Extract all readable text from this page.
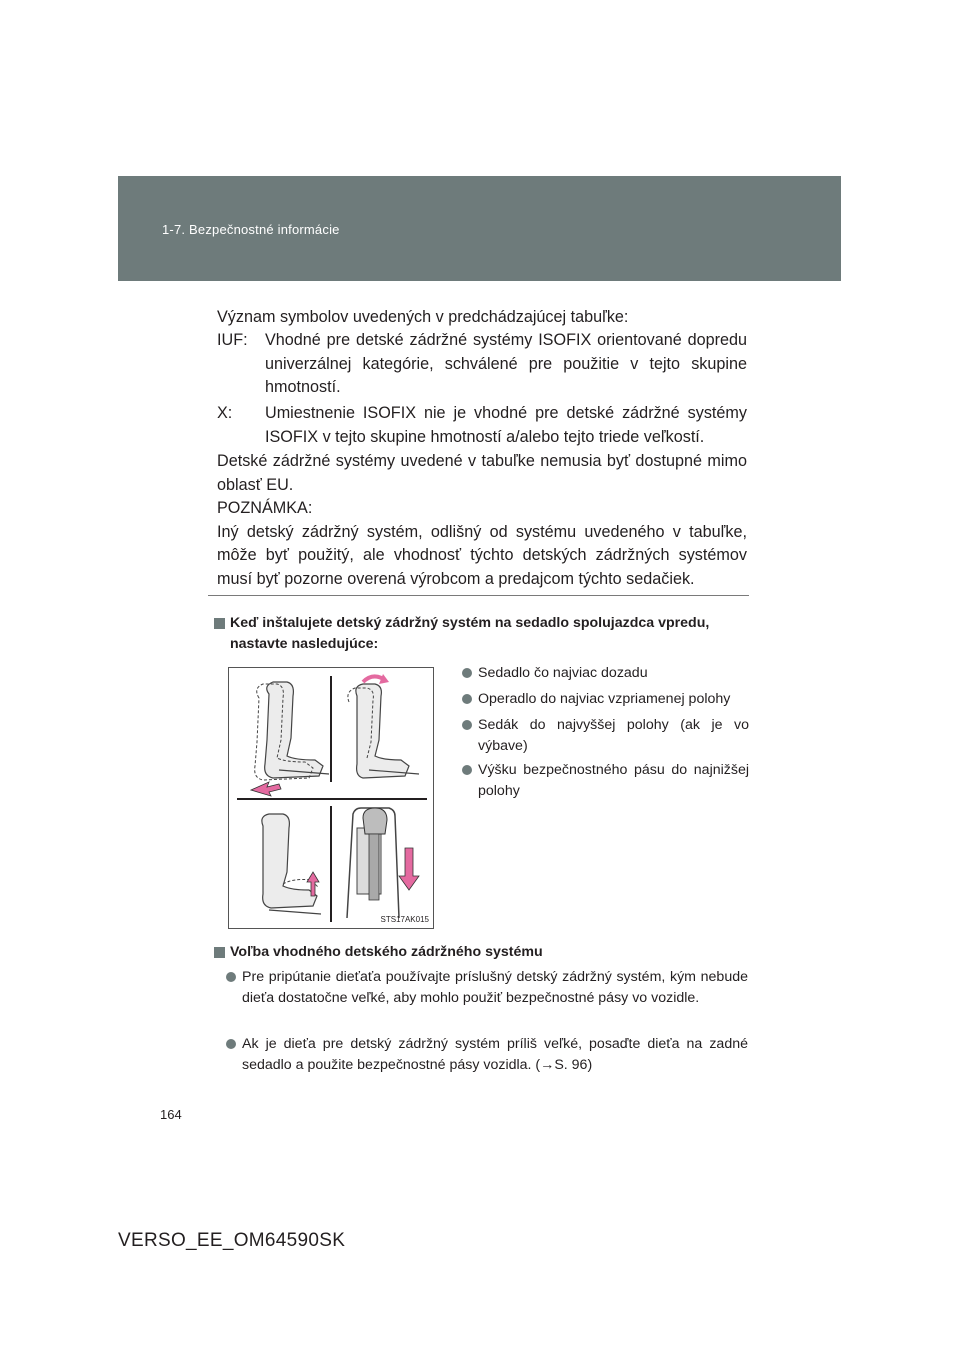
1-7. Bezpečnostné informácie
Význam symbolov uvedených v predchádzajúcej tabuľke:
IUF: Vhodné pre detské zádržné systémy ISOFIX orientované dopredu univerzálnej kategórie, schválené pre použitie v tejto skupine hmotností.
X: Umiestnenie ISOFIX nie je vhodné pre detské zádržné systémy ISOFIX v tejto skupine hmotností a/alebo tejto triede veľkostí.
Detské zádržné systémy uvedené v tabuľke nemusia byť dostupné mimo oblasť EU.
POZNÁMKA:
Iný detský zádržný systém, odlišný od systému uvedeného v tabuľke, môže byť použitý, ale vhodnosť týchto detských zádržných systémov musí byť pozorne overená výrobcom a predajcom týchto sedačiek.
Keď inštalujete detský zádržný systém na sedadlo spolujazdca vpredu, nastavte nasledujúce:
STS17AK015
Sedadlo čo najviac dozadu
Operadlo do najviac vzpriamenej polohy
Sedák do najvyššej polohy (ak je vo výbave)
Výšku bezpečnostného pásu do najnižšej polohy
Voľba vhodného detského zádržného systému
Pre pripútanie dieťaťa používajte príslušný detský zádržný systém, kým nebude dieťa dostatočne veľké, aby mohlo použiť bezpečnostné pásy vo vozidle.
Ak je dieťa pre detský zádržný systém príliš veľké, posaďte dieťa na zadné sedadlo a použite bezpečnostné pásy vozidla. (→S. 96)
164
VERSO_EE_OM64590SK
